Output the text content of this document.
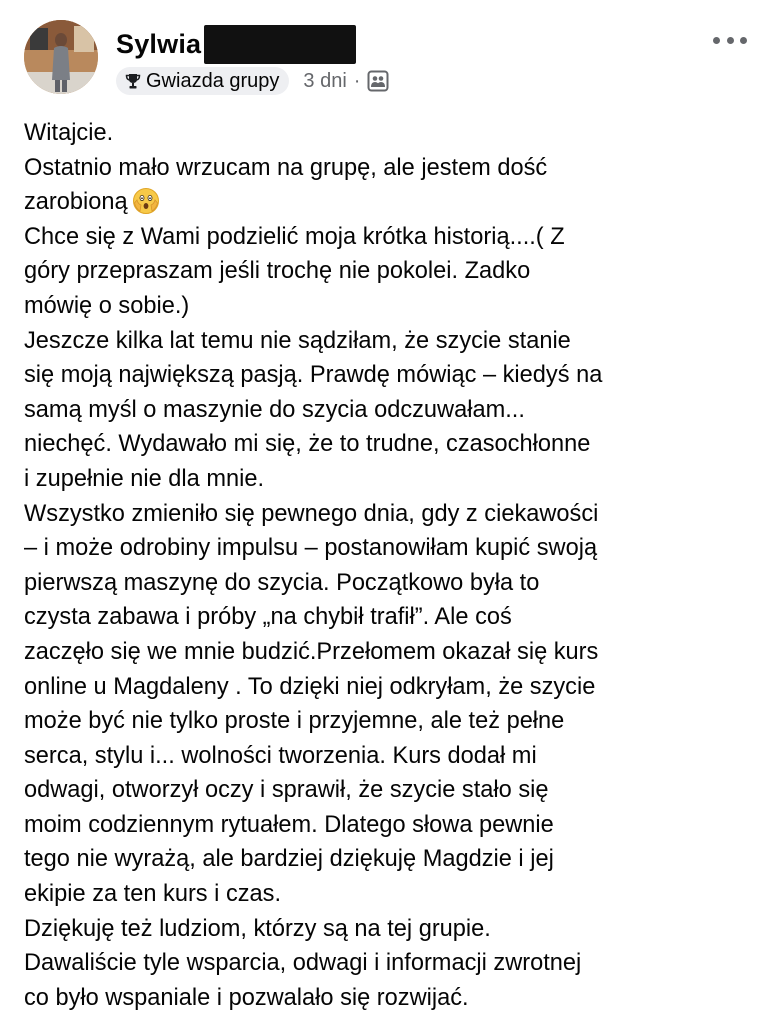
Sylwia
Gwiazda grupy 3 dni ·
Witajcie.
Ostatnio mało wrzucam na grupę, ale jestem dość
zarobioną
Chce się z Wami podzielić moja krótka historią....( Z
góry przepraszam jeśli trochę nie pokolei. Zadko
mówię o sobie.)
Jeszcze kilka lat temu nie sądziłam, że szycie stanie
się moją największą pasją. Prawdę mówiąc – kiedyś na
samą myśl o maszynie do szycia odczuwałam...
niechęć. Wydawało mi się, że to trudne, czasochłonne
i zupełnie nie dla mnie.
Wszystko zmieniło się pewnego dnia, gdy z ciekawości
– i może odrobiny impulsu – postanowiłam kupić swoją
pierwszą maszynę do szycia. Początkowo była to
czysta zabawa i próby „na chybił trafił”. Ale coś
zaczęło się we mnie budzić.Przełomem okazał się kurs
online u Magdaleny . To dzięki niej odkryłam, że szycie
może być nie tylko proste i przyjemne, ale też pełne
serca, stylu i... wolności tworzenia. Kurs dodał mi
odwagi, otworzył oczy i sprawił, że szycie stało się
moim codziennym rytuałem. Dlatego słowa pewnie
tego nie wyrażą, ale bardziej dziękuję Magdzie i jej
ekipie za ten kurs i czas.
Dziękuję też ludziom, którzy są na tej grupie.
Dawaliście tyle wsparcia, odwagi i informacji zwrotnej
co było wspaniale i pozwalało się rozwijać.
